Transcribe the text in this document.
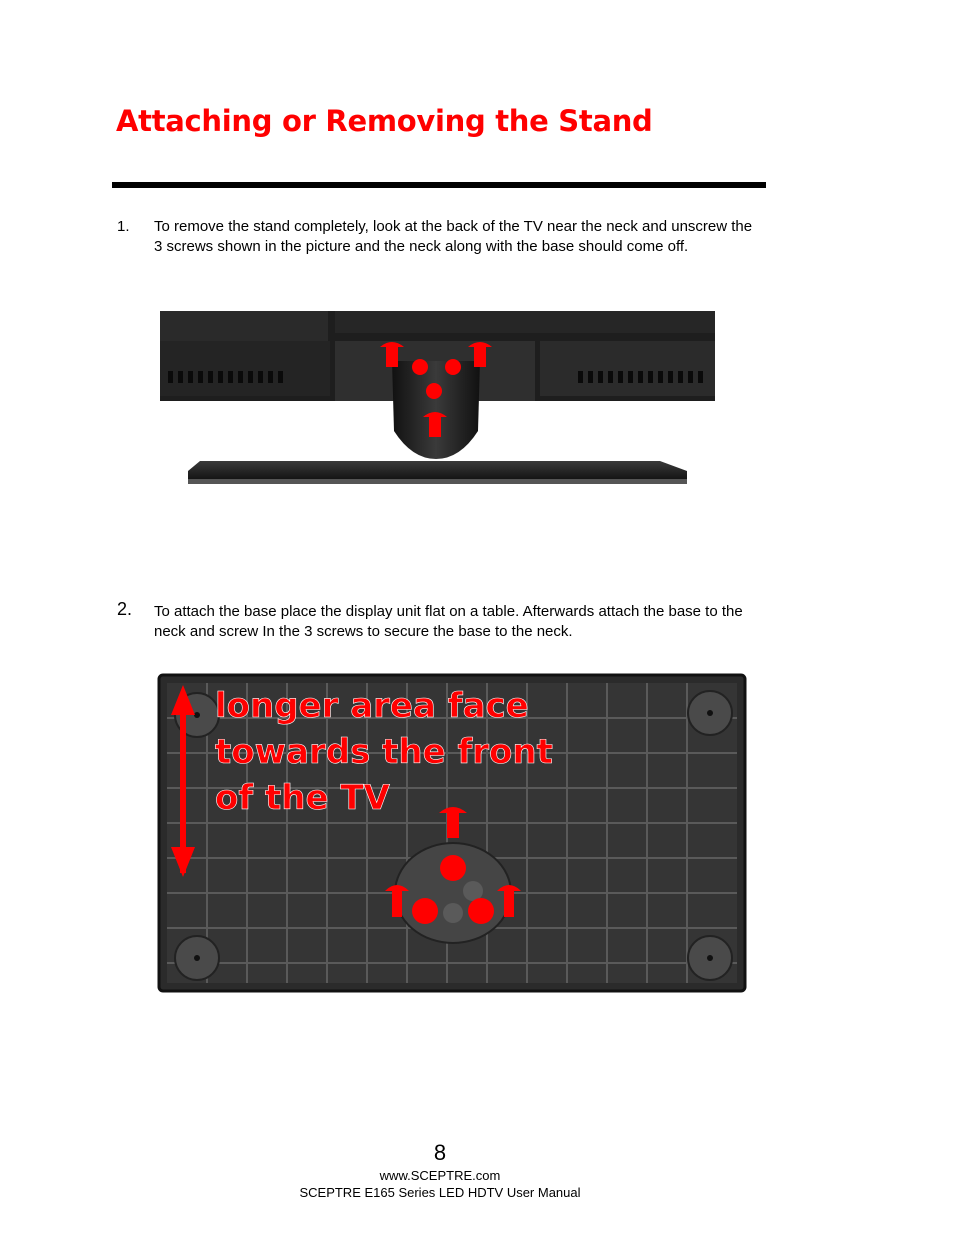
Attaching or Removing the Stand
1. To remove the stand completely, look at the back of the TV near the neck and unscrew the 3 screws shown in the picture and the neck along with the base should come off.
2. To attach the base place the display unit flat on a table. Afterwards attach the base to the neck and screw In the 3 screws to secure the base to the neck.
longer area face
towards the front
of the TV
8
www.SCEPTRE.com
SCEPTRE E165 Series LED HDTV User Manual
